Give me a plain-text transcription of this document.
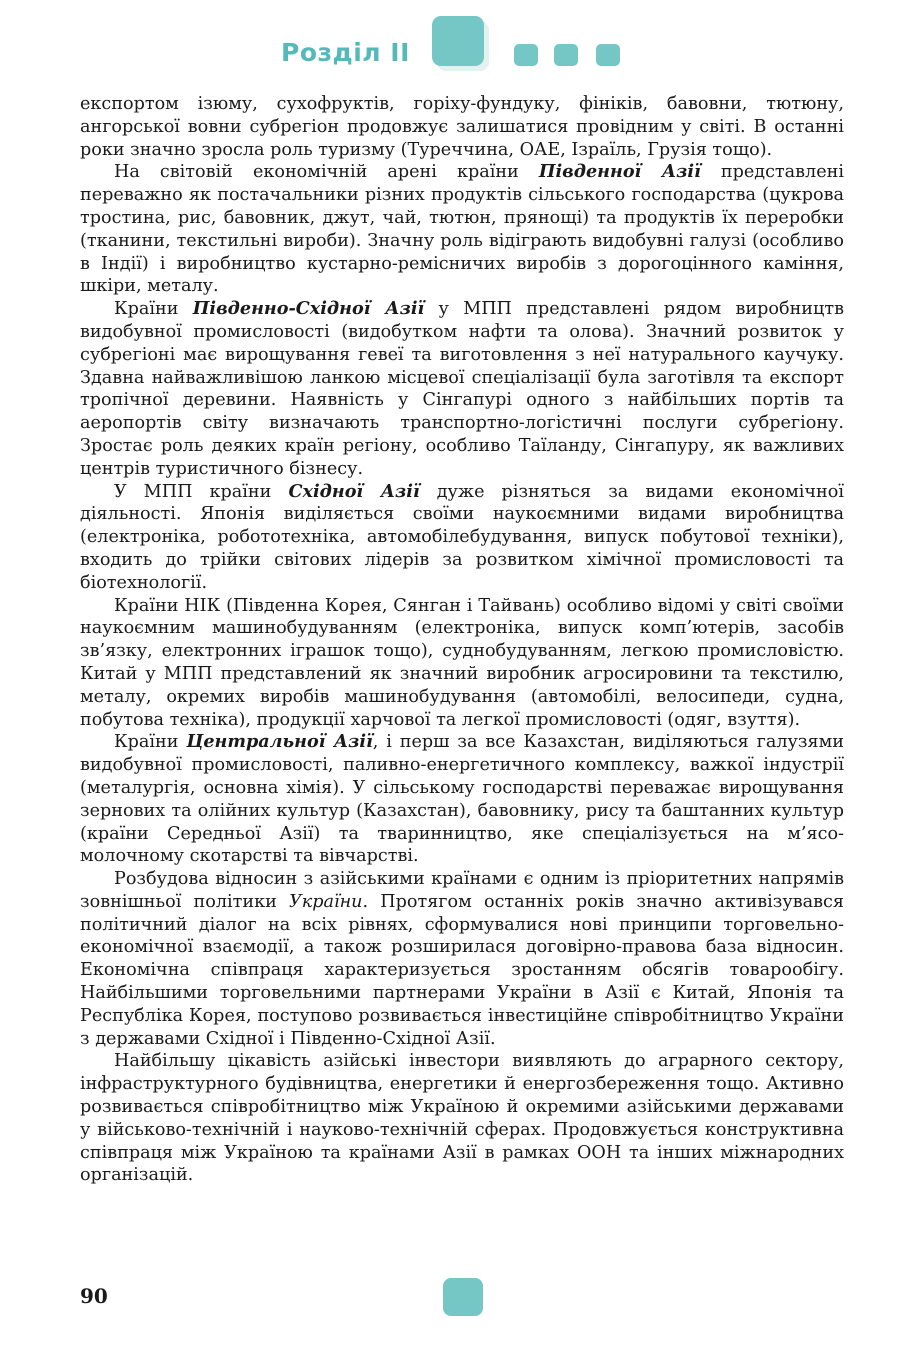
Розділ ІІ

експортом ізюму, сухофруктів, горіху-фундуку, фініків, бавовни, тютюну, ангорської вовни субрегіон продовжує залишатися провідним у світі. В останні роки значно зросла роль туризму (Туреччина, ОАЕ, Ізраїль, Грузія тощо).

На світовій економічній арені країни Південної Азії представлені переважно як постачальники різних продуктів сільського господарства (цукрова тростина, рис, бавовник, джут, чай, тютюн, прянощі) та продуктів їх переробки (тканини, текстильні вироби). Значну роль відіграють видобувні галузі (особливо в Індії) і виробництво кустарно-ремісничих виробів з дорогоцінного каміння, шкіри, металу.

Країни Південно-Східної Азії у МПП представлені рядом виробництв видобувної промисловості (видобутком нафти та олова). Значний розвиток у субрегіоні має вирощування гевеї та виготовлення з неї натурального каучуку. Здавна найважливішою ланкою місцевої спеціалізації була заготівля та експорт тропічної деревини. Наявність у Сінгапурі одного з найбільших портів та аеропортів світу визначають транспортно-логістичні послуги субрегіону. Зростає роль деяких країн регіону, особливо Таїланду, Сінгапуру, як важливих центрів туристичного бізнесу.

У МПП країни Східної Азії дуже різняться за видами економічної діяльності. Японія виділяється своїми наукоємними видами виробництва (електроніка, робототехніка, автомобілебудування, випуск побутової техніки), входить до трійки світових лідерів за розвитком хімічної промисловості та біотехнології.

Країни НІК (Південна Корея, Сянган і Тайвань) особливо відомі у світі своїми наукоємним машинобудуванням (електроніка, випуск комп’ютерів, засобів зв’язку, електронних іграшок тощо), суднобудуванням, легкою промисловістю. Китай у МПП представлений як значний виробник агросировини та текстилю, металу, окремих виробів машинобудування (автомобілі, велосипеди, судна, побутова техніка), продукції харчової та легкої промисловості (одяг, взуття).

Країни Центральної Азії, і перш за все Казахстан, виділяються галузями видобувної промисловості, паливно-енергетичного комплексу, важкої індустрії (металургія, основна хімія). У сільському господарстві переважає вирощування зернових та олійних культур (Казахстан), бавовнику, рису та баштанних культур (країни Середньої Азії) та тваринництво, яке спеціалізується на м’ясо-молочному скотарстві та вівчарстві.

Розбудова відносин з азійськими країнами є одним із пріоритетних напрямів зовнішньої політики України. Протягом останніх років значно активізувався політичний діалог на всіх рівнях, сформувалися нові принципи торговельно-економічної взаємодії, а також розширилася договірно-правова база відносин. Економічна співпраця характеризується зростанням обсягів товарообігу. Найбільшими торговельними партнерами України в Азії є Китай, Японія та Республіка Корея, поступово розвивається інвестиційне співробітництво України з державами Східної і Південно-Східної Азії.

Найбільшу цікавість азійські інвестори виявляють до аграрного сектору, інфраструктурного будівництва, енергетики й енергозбереження тощо. Активно розвивається співробітництво між Україною й окремими азійськими державами у військово-технічній і науково-технічній сферах. Продовжується конструктивна співпраця між Україною та країнами Азії в рамках ООН та інших міжнародних організацій.

90
